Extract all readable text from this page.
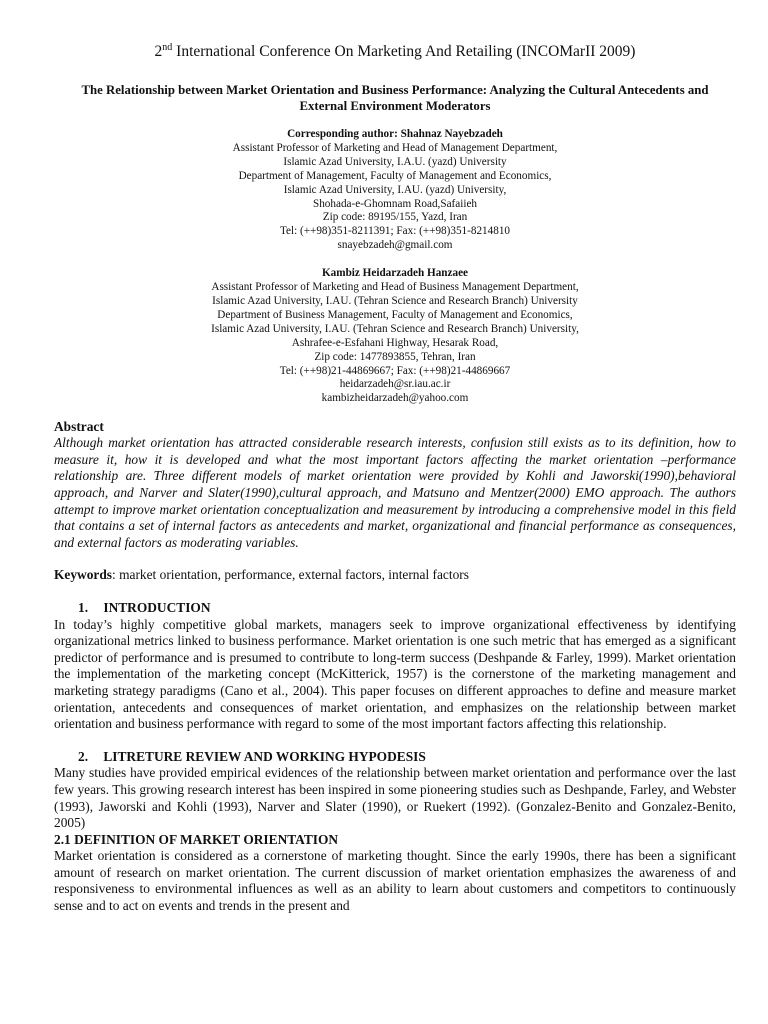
2nd International Conference On Marketing And Retailing (INCOMarII 2009)

The Relationship between Market Orientation and Business Performance: Analyzing the Cultural Antecedents and External Environment Moderators

Corresponding author: Shahnaz Nayebzadeh
Assistant Professor of Marketing and Head of Management Department,
Islamic Azad University, I.A.U. (yazd) University
Department of Management, Faculty of Management and Economics,
Islamic Azad University, I.AU. (yazd) University,
Shohada-e-Ghomnam Road,Safaiieh
Zip code: 89195/155, Yazd, Iran
Tel: (++98)351-8211391; Fax: (++98)351-8214810
snayebzadeh@gmail.com
Kambiz Heidarzadeh Hanzaee
Assistant Professor of Marketing and Head of Business Management Department,
Islamic Azad University, I.AU. (Tehran Science and Research Branch) University
Department of Business Management, Faculty of Management and Economics,
Islamic Azad University, I.AU. (Tehran Science and Research Branch) University,
Ashrafee-e-Esfahani Highway, Hesarak Road,
Zip code: 1477893855, Tehran, Iran
Tel: (++98)21-44869667; Fax: (++98)21-44869667
heidarzadeh@sr.iau.ac.ir
kambizheidarzadeh@yahoo.com
Abstract

Although market orientation has attracted considerable research interests, confusion still exists as to its definition, how to measure it, how it is developed and what the most important factors affecting the market orientation –performance relationship are. Three different models of market orientation were provided by Kohli and Jaworski(1990),behavioral approach, and Narver and Slater(1990),cultural approach, and Matsuno and Mentzer(2000) EMO approach. The authors attempt to improve market orientation conceptualization and measurement by introducing a comprehensive model in this field that contains a set of internal factors as antecedents and market, organizational and financial performance as consequences, and external factors as moderating variables.

Keywords: market orientation, performance, external factors, internal factors
1. INTRODUCTION

In today’s highly competitive global markets, managers seek to improve organizational effectiveness by identifying organizational metrics linked to business performance. Market orientation is one such metric that has emerged as a significant predictor of performance and is presumed to contribute to long-term success (Deshpande & Farley, 1999). Market orientation the implementation of the marketing concept (McKitterick, 1957) is the cornerstone of the marketing management and marketing strategy paradigms (Cano et al., 2004). This paper focuses on different approaches to define and measure market orientation, antecedents and consequences of market orientation, and emphasizes on the relationship between market orientation and business performance with regard to some of the most important factors affecting this relationship.

2. LITRETURE REVIEW AND WORKING HYPODESIS

Many studies have provided empirical evidences of the relationship between market orientation and performance over the last few years. This growing research interest has been inspired in some pioneering studies such as Deshpande, Farley, and Webster (1993), Jaworski and Kohli (1993), Narver and Slater (1990), or Ruekert (1992). (Gonzalez-Benito and Gonzalez-Benito, 2005)

2.1 DEFINITION OF MARKET ORIENTATION

Market orientation is considered as a cornerstone of marketing thought. Since the early 1990s, there has been a significant amount of research on market orientation. The current discussion of market orientation emphasizes the awareness of and responsiveness to environmental influences as well as an ability to learn about customers and competitors to continuously sense and to act on events and trends in the present and
